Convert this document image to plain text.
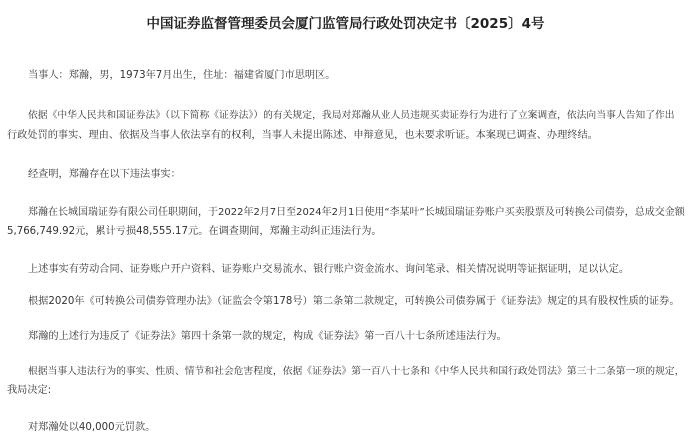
中国证券监督管理委员会厦门监管局行政处罚决定书〔2025〕4号

当事人：郑瀚，男，1973年7月出生，住址：福建省厦门市思明区。

依据《中华人民共和国证券法》（以下简称《证券法》）的有关规定，我局对郑瀚从业人员违规买卖证券行为进行了立案调查，依法向当事人告知了作出

行政处罚的事实、理由、依据及当事人依法享有的权利，当事人未提出陈述、申辩意见，也未要求听证。本案现已调查、办理终结。

经查明，郑瀚存在以下违法事实：

郑瀚在长城国瑞证券有限公司任职期间，于2022年2月7日至2024年2月1日使用“李某叶”长城国瑞证券账户买卖股票及可转换公司债券，总成交金额

5,766,749.92元，累计亏损48,555.17元。在调查期间，郑瀚主动纠正违法行为。

上述事实有劳动合同、证券账户开户资料、证券账户交易流水、银行账户资金流水、询问笔录、相关情况说明等证据证明，足以认定。

根据2020年《可转换公司债券管理办法》（证监会令第178号）第二条第二款规定，可转换公司债券属于《证券法》规定的具有股权性质的证券。

郑瀚的上述行为违反了《证券法》第四十条第一款的规定，构成《证券法》第一百八十七条所述违法行为。

根据当事人违法行为的事实、性质、情节和社会危害程度，依据《证券法》第一百八十七条和《中华人民共和国行政处罚法》第三十二条第一项的规定，

我局决定:

对郑瀚处以40,000元罚款。
